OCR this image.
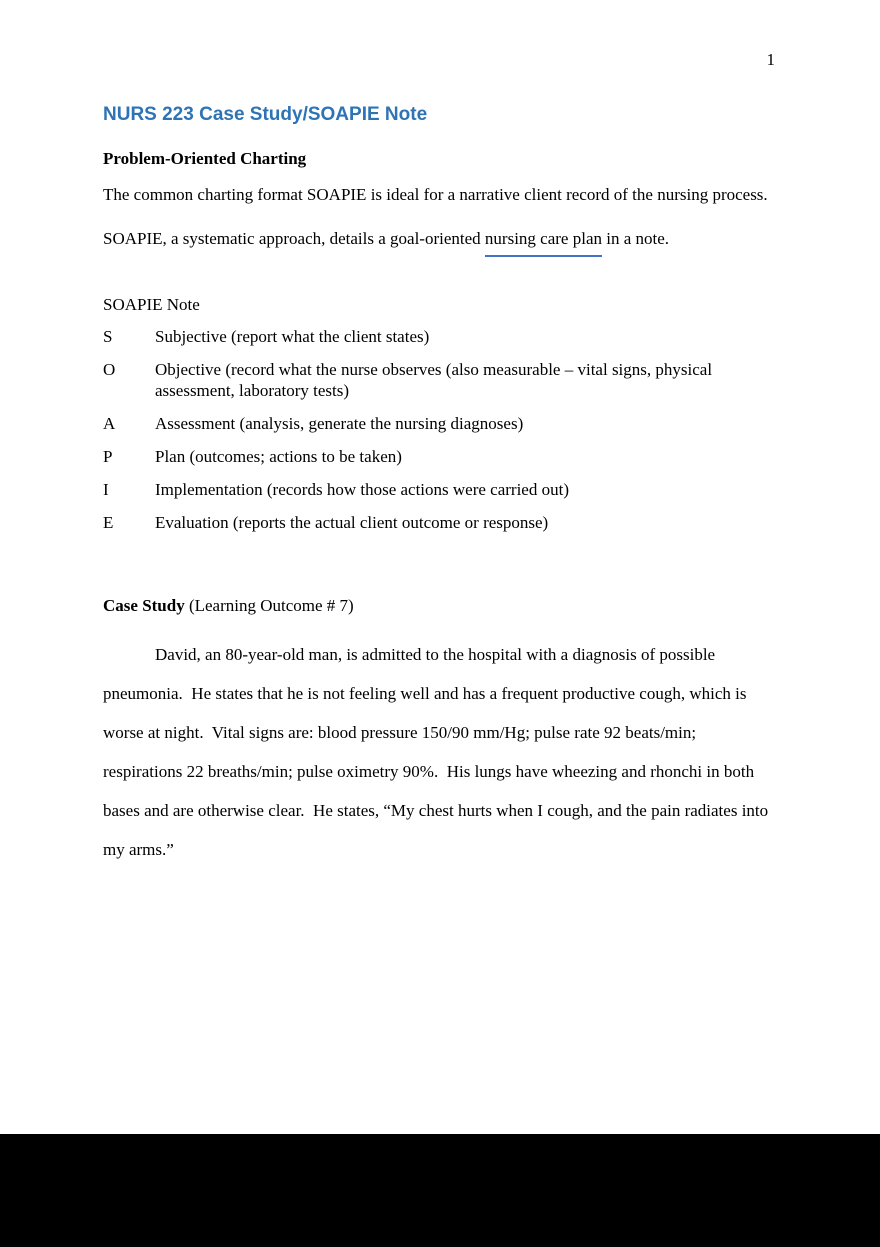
1
NURS 223 Case Study/SOAPIE Note
Problem-Oriented Charting

The common charting format SOAPIE is ideal for a narrative client record of the nursing process.

SOAPIE, a systematic approach, details a goal-oriented nursing care plan in a note.

SOAPIE Note

S	Subjective (report what the client states)
O	Objective (record what the nurse observes (also measurable – vital signs, physical assessment, laboratory tests)
A	Assessment (analysis, generate the nursing diagnoses)
P	Plan (outcomes; actions to be taken)
I	Implementation (records how those actions were carried out)
E	Evaluation (reports the actual client outcome or response)

Case Study (Learning Outcome # 7)

David, an 80-year-old man, is admitted to the hospital with a diagnosis of possible pneumonia.  He states that he is not feeling well and has a frequent productive cough, which is worse at night.  Vital signs are: blood pressure 150/90 mm/Hg; pulse rate 92 beats/min; respirations 22 breaths/min; pulse oximetry 90%.  His lungs have wheezing and rhonchi in both bases and are otherwise clear.  He states, “My chest hurts when I cough, and the pain radiates into my arms.”
